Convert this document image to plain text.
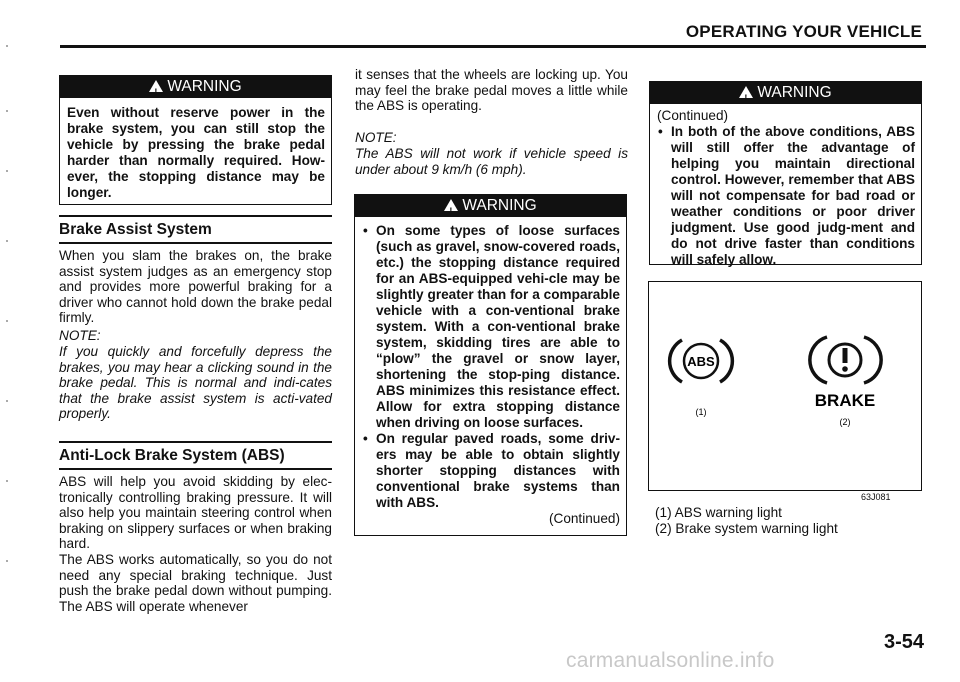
OPERATING YOUR VEHICLE
!WARNING
Even without reserve power in the brake system, you can still stop the vehicle by pressing the brake pedal harder than normally required. How-ever, the stopping distance may be longer.
Brake Assist System
When you slam the brakes on, the brake assist system judges as an emergency stop and provides more powerful braking for a driver who cannot hold down the brake pedal firmly.
NOTE:
If you quickly and forcefully depress the brakes, you may hear a clicking sound in the brake pedal. This is normal and indi-cates that the brake assist system is acti-vated properly.
Anti-Lock Brake System (ABS)
ABS will help you avoid skidding by elec-tronically controlling braking pressure. It will also help you maintain steering control when braking on slippery surfaces or when braking hard.
The ABS works automatically, so you do not need any special braking technique. Just push the brake pedal down without pumping. The ABS will operate whenever
it senses that the wheels are locking up. You may feel the brake pedal moves a little while the ABS is operating.
NOTE:
The ABS will not work if vehicle speed is under about 9 km/h (6 mph).
!WARNING
• On some types of loose surfaces (such as gravel, snow-covered roads, etc.) the stopping distance required for an ABS-equipped vehi-cle may be slightly greater than for a comparable vehicle with a con-ventional brake system. With a con-ventional brake system, skidding tires are able to “plow” the gravel or snow layer, shortening the stop-ping distance. ABS minimizes this resistance effect. Allow for extra stopping distance when driving on loose surfaces.
• On regular paved roads, some driv-ers may be able to obtain slightly shorter stopping distances with conventional brake systems than with ABS.
(Continued)
!WARNING
(Continued)
• In both of the above conditions, ABS will still offer the advantage of helping you maintain directional control. However, remember that ABS will not compensate for bad road or weather conditions or poor driver judgment. Use good judg-ment and do not drive faster than conditions will safely allow.
ABS
(1)
BRAKE
(2)
63J081
(1) ABS warning light
(2) Brake system warning light
3-54
carmanualsonline.info
